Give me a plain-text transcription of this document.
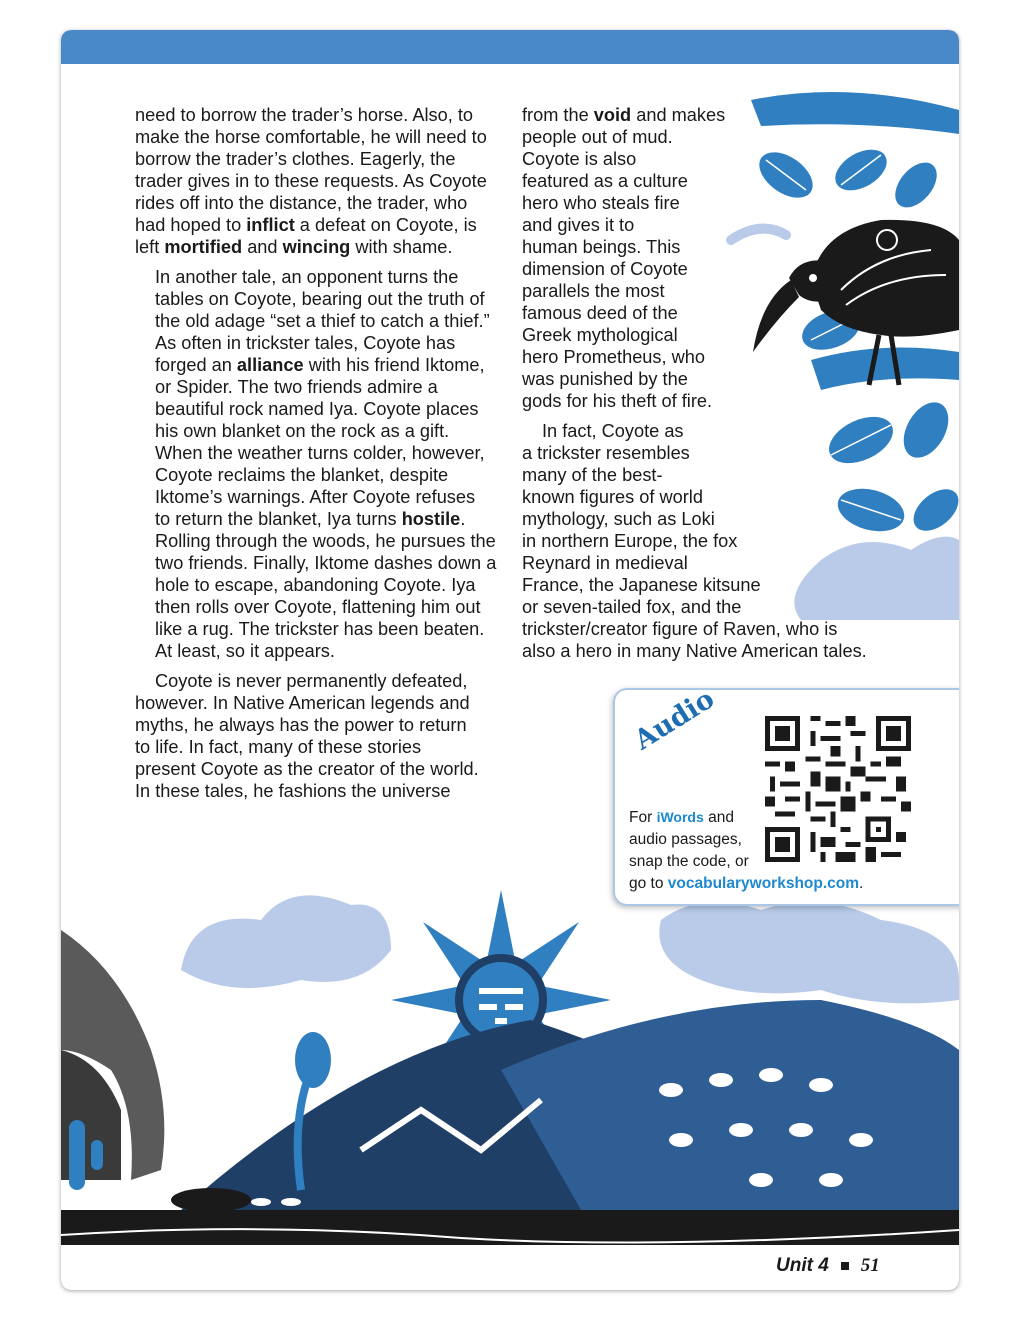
need to borrow the trader’s horse. Also, to
make the horse comfortable, he will need to
borrow the trader’s clothes. Eagerly, the
trader gives in to these requests. As Coyote
rides off into the distance, the trader, who
had hoped to inflict a defeat on Coyote, is
left mortified and wincing with shame.

In another tale, an opponent turns the
tables on Coyote, bearing out the truth of
the old adage “set a thief to catch a thief.”
As often in trickster tales, Coyote has
forged an alliance with his friend Iktome,
or Spider. The two friends admire a
beautiful rock named Iya. Coyote places
his own blanket on the rock as a gift.
When the weather turns colder, however,
Coyote reclaims the blanket, despite
Iktome’s warnings. After Coyote refuses
to return the blanket, Iya turns hostile.
Rolling through the woods, he pursues the
two friends. Finally, Iktome dashes down a
hole to escape, abandoning Coyote. Iya
then rolls over Coyote, flattening him out
like a rug. The trickster has been beaten.
At least, so it appears.

Coyote is never permanently defeated,
however. In Native American legends and
myths, he always has the power to return
to life. In fact, many of these stories
present Coyote as the creator of the world.
In these tales, he fashions the universe

from the void and makes
people out of mud.
Coyote is also
featured as a culture
hero who steals fire
and gives it to
human beings. This
dimension of Coyote
parallels the most
famous deed of the
Greek mythological
hero Prometheus, who
was punished by the
gods for his theft of fire.

In fact, Coyote as
a trickster resembles
many of the best-
known figures of world
mythology, such as Loki
in northern Europe, the fox
Reynard in medieval
France, the Japanese kitsune
or seven-tailed fox, and the
trickster/creator figure of Raven, who is
also a hero in many Native American tales.

Audio
For iWords and
audio passages,
snap the code, or
go to vocabularyworkshop.com.
Unit 4 51
